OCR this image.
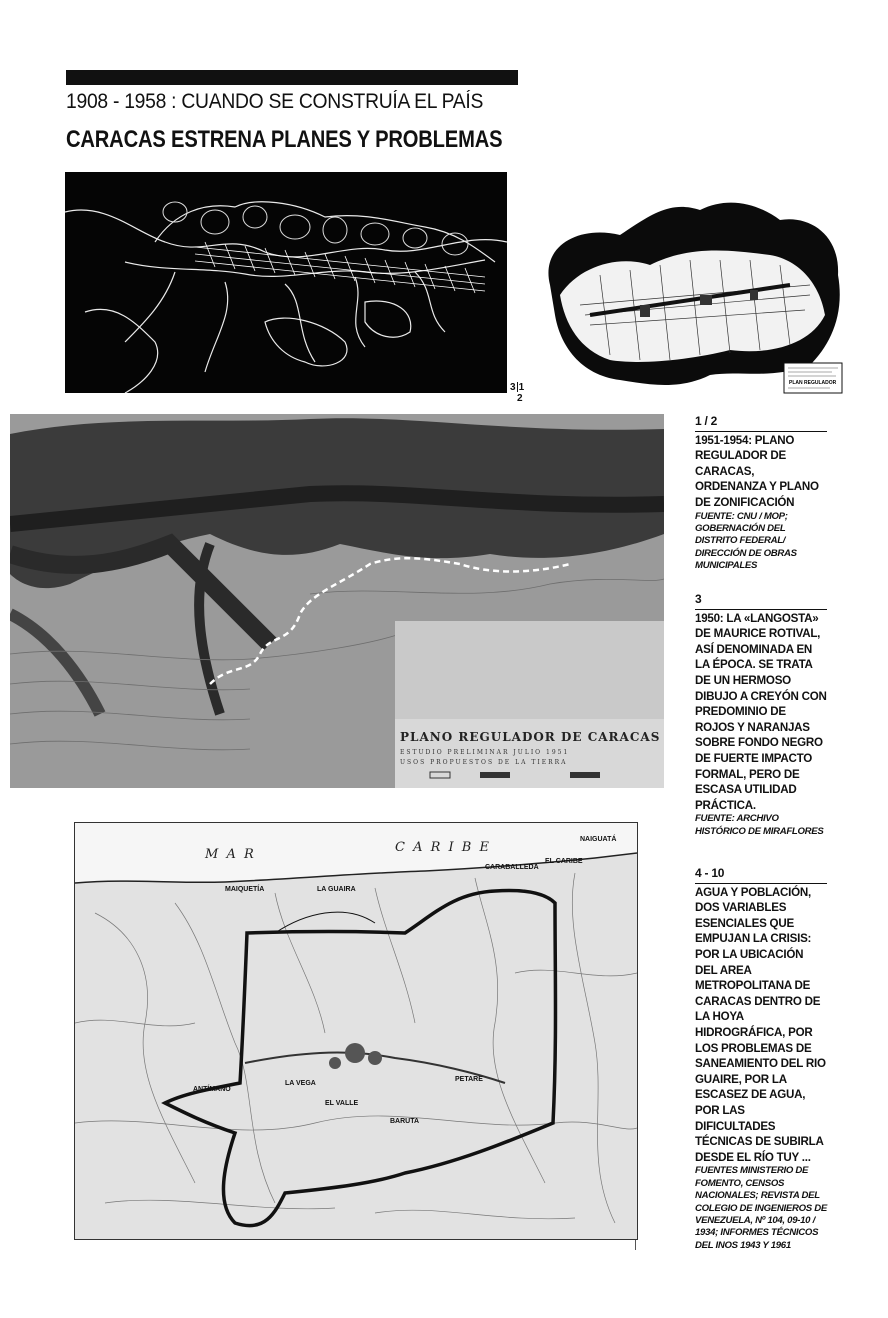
1908 - 1958 : CUANDO SE CONSTRUÍA EL PAÍS
CARACAS ESTRENA PLANES Y PROBLEMAS
PLAN REGULADOR
3 1
2
PLANO REGULADOR DE CARACAS
ESTUDIO PRELIMINAR JULIO 1951
USOS PROPUESTOS DE LA TIERRA
M A R	C A R I B E
LA GUAIRA
MAIQUETÍA
CARABALLEDA
NAIGUATÁ
EL CARIBE
LA VEGA
EL VALLE
PETARE
BARUTA
ANTÍMANO
1 / 2
1951-1954: PLANO REGULADOR DE CARACAS, ORDENANZA Y PLANO DE ZONIFICACIÓN
FUENTE: CNU / MOP; GOBERNACIÓN DEL DISTRITO FEDERAL/ DIRECCIÓN DE OBRAS MUNICIPALES
3
1950: LA «LANGOSTA» DE MAURICE ROTIVAL, ASÍ DENOMINADA EN LA ÉPOCA. SE TRATA DE UN HERMOSO DIBUJO A CREYÓN CON PREDOMINIO DE ROJOS Y NARANJAS SOBRE FONDO NEGRO DE FUERTE IMPACTO FORMAL, PERO DE ESCASA UTILIDAD PRÁCTICA.
FUENTE: ARCHIVO HISTÓRICO DE MIRAFLORES
4 - 10
AGUA Y POBLACIÓN, DOS VARIABLES ESENCIALES QUE EMPUJAN LA CRISIS: POR LA UBICACIÓN DEL AREA METROPOLITANA DE CARACAS DENTRO DE LA HOYA HIDROGRÁFICA, POR LOS PROBLEMAS DE SANEAMIENTO DEL RIO GUAIRE, POR LA ESCASEZ DE AGUA, POR LAS DIFICULTADES TÉCNICAS DE SUBIRLA DESDE EL RÍO TUY ...
FUENTES MINISTERIO DE FOMENTO, CENSOS NACIONALES; REVISTA DEL COLEGIO DE INGENIEROS DE VENEZUELA, Nº 104, 09-10 / 1934; INFORMES TÉCNICOS DEL INOS 1943 Y 1961
